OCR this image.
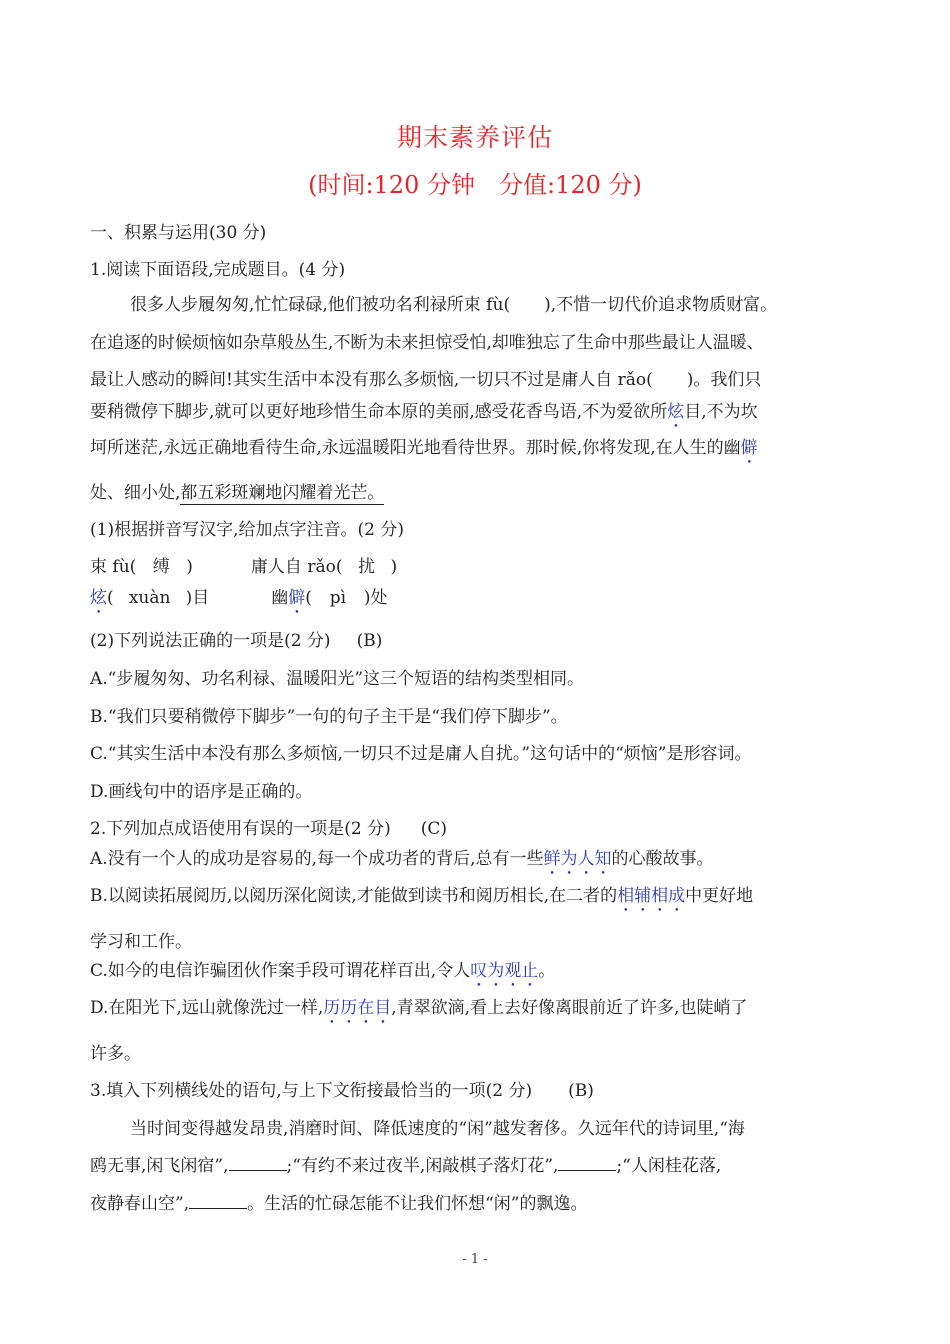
期末素养评估
(时间:120 分钟　分值:120 分)
一、积累与运用(30 分)
1.阅读下面语段,完成题目。(4 分)
很多人步履匆匆,忙忙碌碌,他们被功名利禄所束 fù(　　),不惜一切代价追求物质财富。
在追逐的时候烦恼如杂草般丛生,不断为未来担惊受怕,却唯独忘了生命中那些最让人温暖、
最让人感动的瞬间!其实生活中本没有那么多烦恼,一切只不过是庸人自 rǎo(　　)。我们只
要稍微停下脚步,就可以更好地珍惜生命本原的美丽,感受花香鸟语,不为爱欲所炫目,不为坎
坷所迷茫,永远正确地看待生命,永远温暖阳光地看待世界。那时候,你将发现,在人生的幽僻
处、细小处,都五彩斑斓地闪耀着光芒。
(1)根据拼音写汉字,给加点字注音。(2 分)
束 fù( 缚 )	庸人自 rǎo( 扰 )
炫( xuàn )目	幽僻( pì )处
(2)下列说法正确的一项是(2 分) (B)
A.“步履匆匆、功名利禄、温暖阳光”这三个短语的结构类型相同。
B.“我们只要稍微停下脚步”一句的句子主干是“我们停下脚步”。
C.“其实生活中本没有那么多烦恼,一切只不过是庸人自扰。”这句话中的“烦恼”是形容词。
D.画线句中的语序是正确的。
2.下列加点成语使用有误的一项是(2 分) (C)
A.没有一个人的成功是容易的,每一个成功者的背后,总有一些鲜为人知的心酸故事。
B.以阅读拓展阅历,以阅历深化阅读,才能做到读书和阅历相长,在二者的相辅相成中更好地
学习和工作。
C.如今的电信诈骗团伙作案手段可谓花样百出,令人叹为观止。
D.在阳光下,远山就像洗过一样,历历在目,青翠欲滴,看上去好像离眼前近了许多,也陡峭了
许多。
3.填入下列横线处的语句,与上下文衔接最恰当的一项(2 分) (B)
当时间变得越发昂贵,消磨时间、降低速度的“闲”越发奢侈。久远年代的诗词里,“海
鸥无事,闲飞闲宿”,	;“有约不来过夜半,闲敲棋子落灯花”,	;“人闲桂花落,
夜静春山空”,	。生活的忙碌怎能不让我们怀想“闲”的飘逸。
- 1 -
